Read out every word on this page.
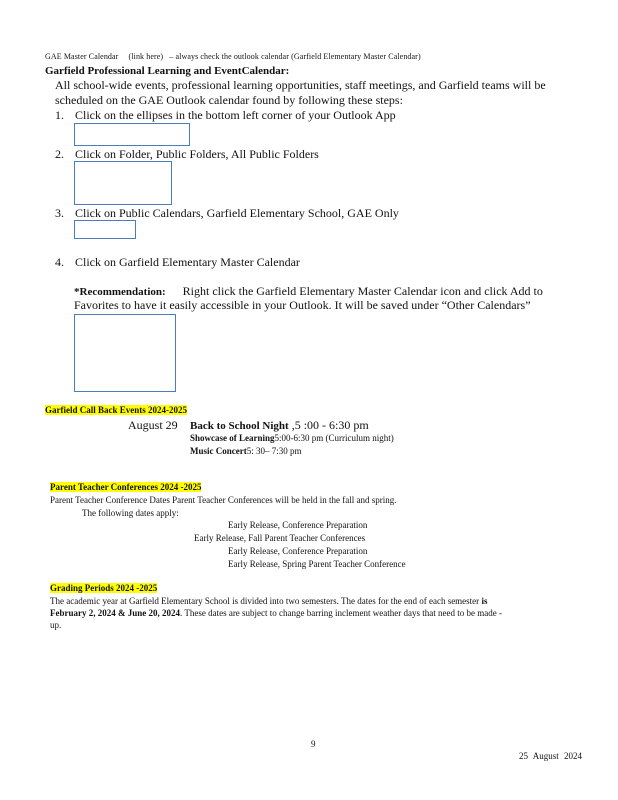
GAE Master Calendar (link here) – always check the outlook calendar (Garfield Elementary Master Calendar)
Garfield Professional Learning and EventCalendar:
All school-wide events, professional learning opportunities, staff meetings, and Garfield teams will be
scheduled on the GAE Outlook calendar found by following these steps:
1. Click on the ellipses in the bottom left corner of your Outlook App
2. Click on Folder, Public Folders, All Public Folders
3. Click on Public Calendars, Garfield Elementary School, GAE Only
4. Click on Garfield Elementary Master Calendar
*Recommendation: Right click the Garfield Elementary Master Calendar icon and click Add to
Favorites to have it easily accessible in your Outlook. It will be saved under “Other Calendars”
Garfield Call Back Events 2024-2025
August 29 Back to School Night ,5 :00 - 6:30 pm
Showcase of Learning5:00-6:30 pm (Curriculum night)
Music Concert5: 30– 7:30 pm
Parent Teacher Conferences 2024 -2025
Parent Teacher Conference Dates Parent Teacher Conferences will be held in the fall and spring.
The following dates apply:
Early Release, Conference Preparation
Early Release, Fall Parent Teacher Conferences
Early Release, Conference Preparation
Early Release, Spring Parent Teacher Conference
Grading Periods 2024 -2025
The academic year at Garfield Elementary School is divided into two semesters. The dates for the end of each semester is
February 2, 2024 & June 20, 2024. These dates are subject to change barring inclement weather days that need to be made -
up.
9
25 August 2024
